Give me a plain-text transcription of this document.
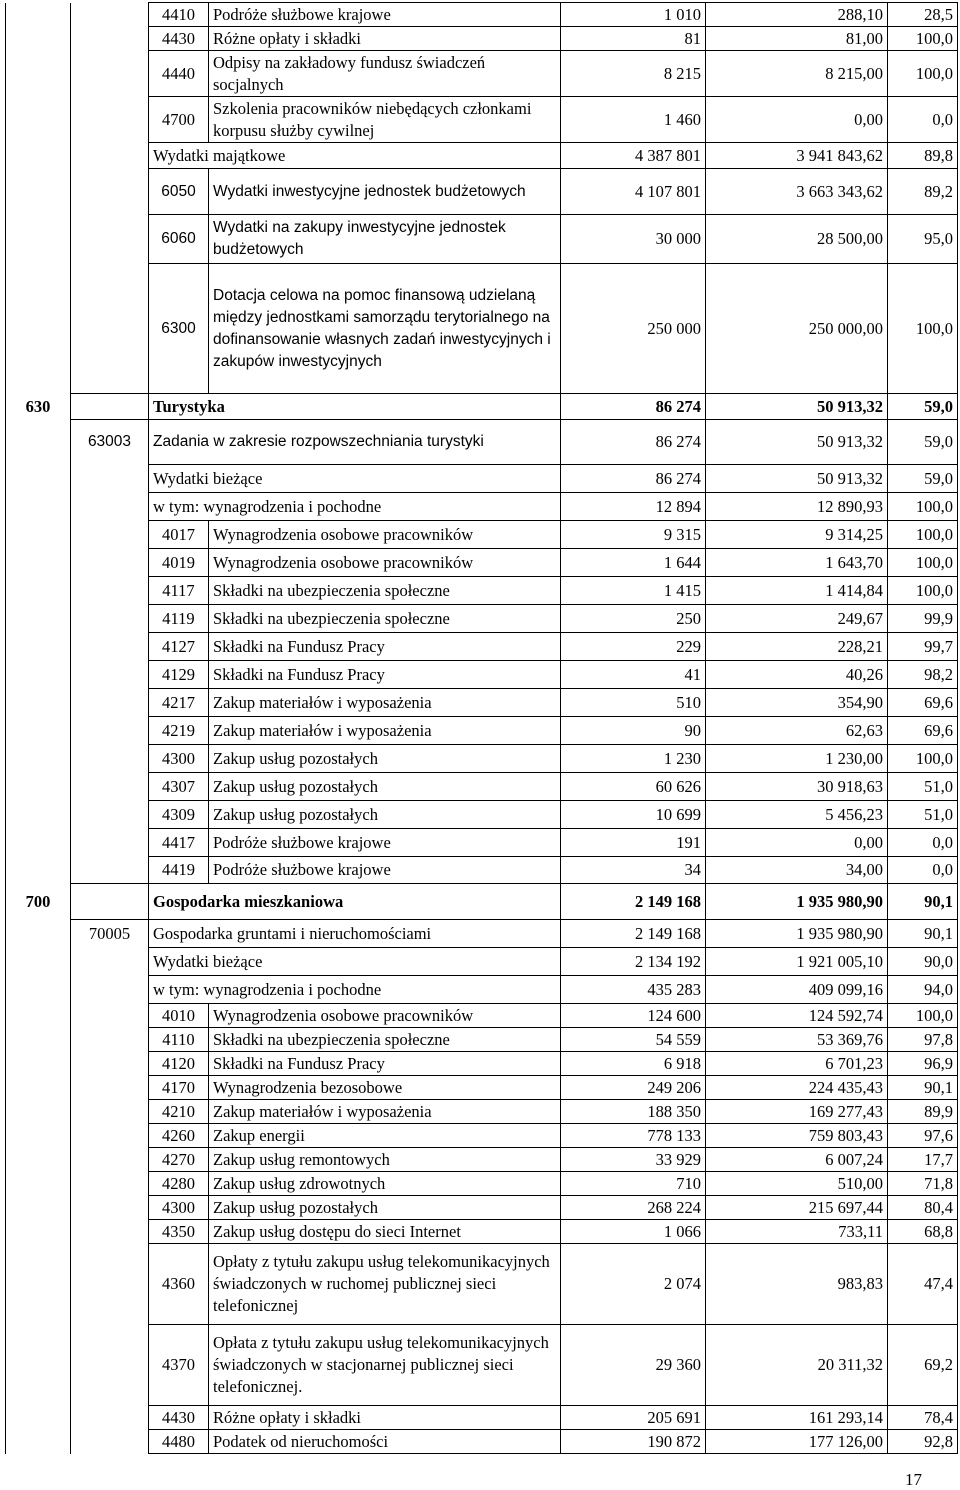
		4410	Podróże służbowe krajowe	1 010	288,10	28,5
		4430	Różne opłaty i składki	81	81,00	100,0
		4440	Odpisy na zakładowy fundusz świadczeń socjalnych	8 215	8 215,00	100,0
		4700	Szkolenia pracowników niebędących członkami korpusu służby cywilnej	1 460	0,00	0,0
		Wydatki majątkowe		4 387 801	3 941 843,62	89,8
		6050	Wydatki inwestycyjne jednostek budżetowych	4 107 801	3 663 343,62	89,2
		6060	Wydatki na zakupy inwestycyjne jednostek budżetowych	30 000	28 500,00	95,0
		6300	Dotacja celowa na pomoc finansową udzielaną między jednostkami samorządu terytorialnego na dofinansowanie własnych zadań inwestycyjnych i zakupów inwestycyjnych	250 000	250 000,00	100,0
630		Turystyka		86 274	50 913,32	59,0
	63003	Zadania w zakresie rozpowszechniania turystyki		86 274	50 913,32	59,0
		Wydatki bieżące		86 274	50 913,32	59,0
		w tym: wynagrodzenia i pochodne		12 894	12 890,93	100,0
		4017	Wynagrodzenia osobowe pracowników	9 315	9 314,25	100,0
		4019	Wynagrodzenia osobowe pracowników	1 644	1 643,70	100,0
		4117	Składki na ubezpieczenia społeczne	1 415	1 414,84	100,0
		4119	Składki na ubezpieczenia społeczne	250	249,67	99,9
		4127	Składki na Fundusz Pracy	229	228,21	99,7
		4129	Składki na Fundusz Pracy	41	40,26	98,2
		4217	Zakup materiałów i wyposażenia	510	354,90	69,6
		4219	Zakup materiałów i wyposażenia	90	62,63	69,6
		4300	Zakup usług pozostałych	1 230	1 230,00	100,0
		4307	Zakup usług pozostałych	60 626	30 918,63	51,0
		4309	Zakup usług pozostałych	10 699	5 456,23	51,0
		4417	Podróże służbowe krajowe	191	0,00	0,0
		4419	Podróże służbowe krajowe	34	34,00	0,0
700		Gospodarka mieszkaniowa		2 149 168	1 935 980,90	90,1
	70005	Gospodarka gruntami i nieruchomościami		2 149 168	1 935 980,90	90,1
		Wydatki bieżące		2 134 192	1 921 005,10	90,0
		w tym: wynagrodzenia i pochodne		435 283	409 099,16	94,0
		4010	Wynagrodzenia osobowe pracowników	124 600	124 592,74	100,0
		4110	Składki na ubezpieczenia społeczne	54 559	53 369,76	97,8
		4120	Składki na Fundusz Pracy	6 918	6 701,23	96,9
		4170	Wynagrodzenia bezosobowe	249 206	224 435,43	90,1
		4210	Zakup materiałów i wyposażenia	188 350	169 277,43	89,9
		4260	Zakup energii	778 133	759 803,43	97,6
		4270	Zakup usług remontowych	33 929	6 007,24	17,7
		4280	Zakup usług zdrowotnych	710	510,00	71,8
		4300	Zakup usług pozostałych	268 224	215 697,44	80,4
		4350	Zakup usług dostępu do sieci Internet	1 066	733,11	68,8
		4360	Opłaty z tytułu zakupu usług telekomunikacyjnych świadczonych w ruchomej publicznej sieci telefonicznej	2 074	983,83	47,4
		4370	Opłata z tytułu zakupu usług telekomunikacyjnych świadczonych w stacjonarnej publicznej sieci telefonicznej.	29 360	20 311,32	69,2
		4430	Różne opłaty i składki	205 691	161 293,14	78,4
		4480	Podatek od nieruchomości	190 872	177 126,00	92,8
17
